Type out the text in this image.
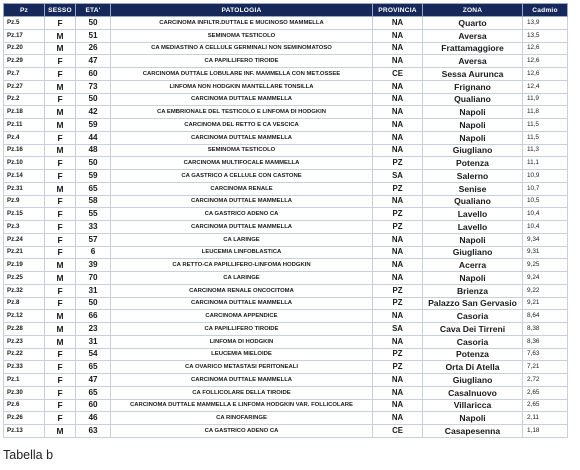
Pz	SESSO	ETA'	PATOLOGIA	PROVINCIA	ZONA	Cadmio
Pz.5	F	50	CARCINOMA INFILTR.DUTTALE E MUCINOSO MAMMELLA	NA	Quarto	13,9
Pz.17	M	51	SEMINOMA TESTICOLO	NA	Aversa	13,5
Pz.20	M	26	CA MEDIASTINO A CELLULE GERMINALI NON SEMINOMATOSO	NA	Frattamaggiore	12,6
Pz.29	F	47	CA PAPILLIFERO TIROIDE	NA	Aversa	12,6
Pz.7	F	60	CARCINOMA DUTTALE LOBULARE INF. MAMMELLA CON MET.OSSEE	CE	Sessa Aurunca	12,6
Pz.27	M	73	LINFOMA NON HODGKIN MANTELLARE TONSILLA	NA	Frignano	12,4
Pz.2	F	50	CARCINOMA DUTTALE MAMMELLA	NA	Qualiano	11,9
Pz.18	M	42	CA EMBRIONALE DEL TESTICOLO E LINFOMA DI HODGKIN	NA	Napoli	11,8
Pz.11	M	59	CARCINOMA DEL RETTO E CA VESCICA	NA	Napoli	11,5
Pz.4	F	44	CARCINOMA DUTTALE MAMMELLA	NA	Napoli	11,5
Pz.16	M	48	SEMINOMA TESTICOLO	NA	Giugliano	11,3
Pz.10	F	50	CARCINOMA MULTIFOCALE MAMMELLA	PZ	Potenza	11,1
Pz.14	F	59	CA GASTRICO A CELLULE CON CASTONE	SA	Salerno	10,9
Pz.31	M	65	CARCINOMA RENALE	PZ	Senise	10,7
Pz.9	F	58	CARCINOMA DUTTALE MAMMELLA	NA	Qualiano	10,5
Pz.15	F	55	CA GASTRICO ADENO CA	PZ	Lavello	10,4
Pz.3	F	33	CARCINOMA DUTTALE MAMMELLA	PZ	Lavello	10,4
Pz.24	F	57	CA LARINGE	NA	Napoli	9,34
Pz.21	F	6	LEUCEMIA LINFOBLASTICA	NA	Giugliano	9,31
Pz.19	M	39	CA RETTO-CA PAPILLIFERO-LINFOMA HODGKIN	NA	Acerra	9,25
Pz.25	M	70	CA LARINGE	NA	Napoli	9,24
Pz.32	F	31	CARCINOMA RENALE ONCOCITOMA	PZ	Brienza	9,22
Pz.8	F	50	CARCINOMA DUTTALE MAMMELLA	PZ	Palazzo San Gervasio	9,21
Pz.12	M	66	CARCINOMA APPENDICE	NA	Casoria	8,64
Pz.28	M	23	CA PAPILLIFERO TIROIDE	SA	Cava Dei Tirreni	8,38
Pz.23	M	31	LINFOMA DI HODGKIN	NA	Casoria	8,36
Pz.22	F	54	LEUCEMIA MIELOIDE	PZ	Potenza	7,63
Pz.33	F	65	CA OVARICO METASTASI PERITONEALI	PZ	Orta Di Atella	7,21
Pz.1	F	47	CARCINOMA DUTTALE MAMMELLA	NA	Giugliano	2,72
Pz.30	F	65	CA FOLLICOLARE DELLA TIROIDE	NA	Casalnuovo	2,65
Pz.6	F	60	CARCINOMA DUTTALE MAMMELLA E LINFOMA HODGKIN VAR. FOLLICOLARE	NA	Villaricca	2,65
Pz.26	F	46	CA RINOFARINGE	NA	Napoli	2,11
Pz.13	M	63	CA GASTRICO ADENO CA	CE	Casapesenna	1,18
Tabella b
